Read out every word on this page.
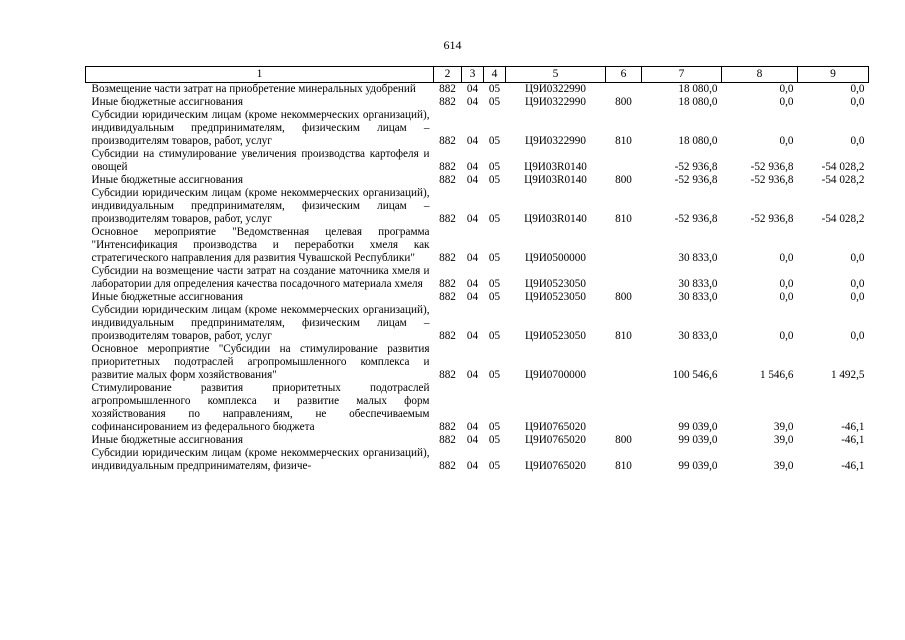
614
1	2	3	4	5	6	7	8	9
Возмещение части затрат на приобретение минеральных удобрений	882	04	05	Ц9И0322990		18 080,0	0,0	0,0
Иные бюджетные ассигнования	882	04	05	Ц9И0322990	800	18 080,0	0,0	0,0
Субсидии юридическим лицам (кроме некоммерческих организаций), индивидуальным предпринимателям, физическим лицам – производителям товаров, работ, услуг	882	04	05	Ц9И0322990	810	18 080,0	0,0	0,0
Субсидии на стимулирование увеличения производства картофеля и овощей	882	04	05	Ц9И03R0140		-52 936,8	-52 936,8	-54 028,2
Иные бюджетные ассигнования	882	04	05	Ц9И03R0140	800	-52 936,8	-52 936,8	-54 028,2
Субсидии юридическим лицам (кроме некоммерческих организаций), индивидуальным предпринимателям, физическим лицам – производителям товаров, работ, услуг	882	04	05	Ц9И03R0140	810	-52 936,8	-52 936,8	-54 028,2
Основное мероприятие "Ведомственная целевая программа "Интенсификация производства и переработки хмеля как стратегического направления для развития Чувашской Республики"	882	04	05	Ц9И0500000		30 833,0	0,0	0,0
Субсидии на возмещение части затрат на создание маточника хмеля и лаборатории для определения качества посадочного материала хмеля	882	04	05	Ц9И0523050		30 833,0	0,0	0,0
Иные бюджетные ассигнования	882	04	05	Ц9И0523050	800	30 833,0	0,0	0,0
Субсидии юридическим лицам (кроме некоммерческих организаций), индивидуальным предпринимателям, физическим лицам – производителям товаров, работ, услуг	882	04	05	Ц9И0523050	810	30 833,0	0,0	0,0
Основное мероприятие "Субсидии на стимулирование развития приоритетных подотраслей агропромышленного комплекса и развитие малых форм хозяйствования"	882	04	05	Ц9И0700000		100 546,6	1 546,6	1 492,5
Стимулирование развития приоритетных подотраслей агропромышленного комплекса и развитие малых форм хозяйствования по направлениям, не обеспечиваемым софинансированием из федерального бюджета	882	04	05	Ц9И0765020		99 039,0	39,0	-46,1
Иные бюджетные ассигнования	882	04	05	Ц9И0765020	800	99 039,0	39,0	-46,1
Субсидии юридическим лицам (кроме некоммерческих организаций), индивидуальным предпринимателям, физиче-	882	04	05	Ц9И0765020	810	99 039,0	39,0	-46,1
